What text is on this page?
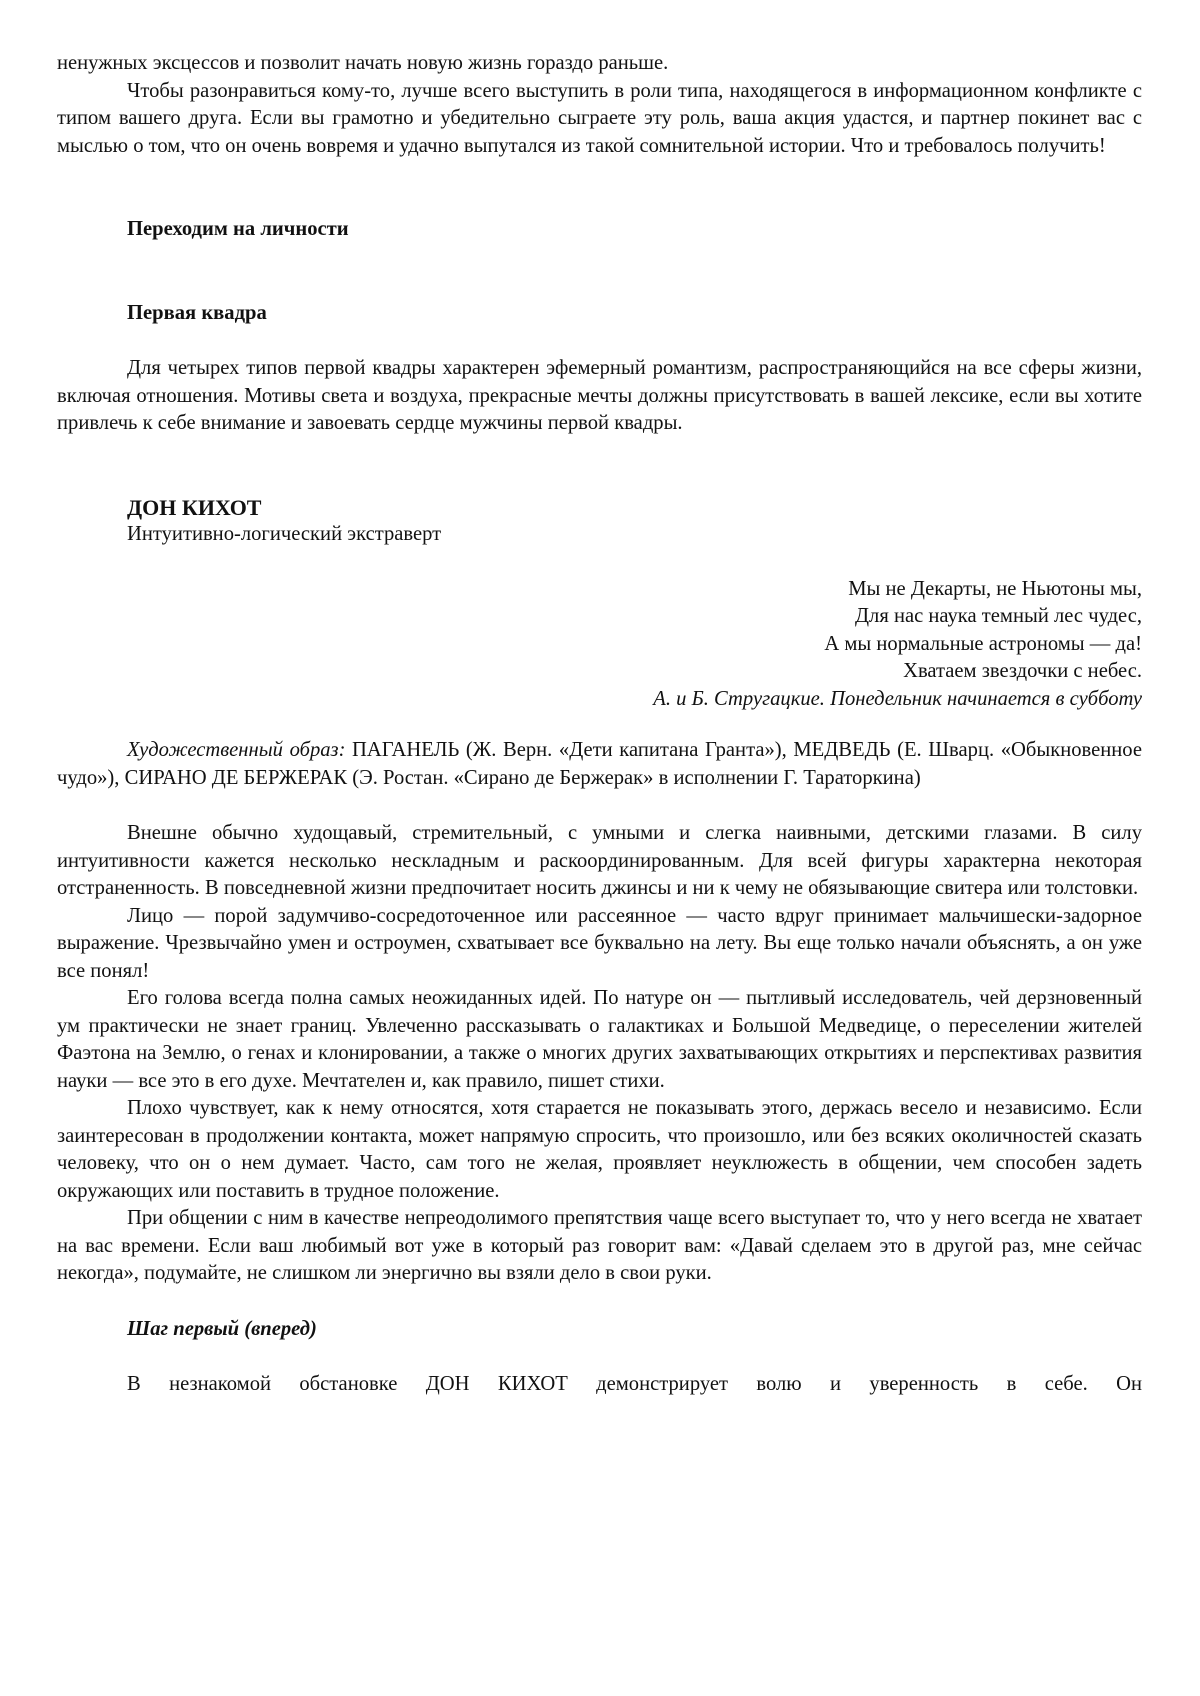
ненужных эксцессов и позволит начать новую жизнь гораздо раньше.

Чтобы разонравиться кому-то, лучше всего выступить в роли типа, находящегося в информационном конфликте с типом вашего друга. Если вы грамотно и убедительно сыграете эту роль, ваша акция удастся, и партнер покинет вас с мыслью о том, что он очень вовремя и удачно выпутался из такой сомнительной истории. Что и требовалось получить!

Переходим на личности
Первая квадра

Для четырех типов первой квадры характерен эфемерный романтизм, распространяющийся на все сферы жизни, включая отношения. Мотивы света и воздуха, прекрасные мечты должны присутствовать в вашей лексике, если вы хотите привлечь к себе внимание и завоевать сердце мужчины первой квадры.

ДОН КИХОТ
Интуитивно-логический экстраверт
Мы не Декарты, не Ньютоны мы,
Для нас наука темный лес чудес,
А мы нормальные астрономы — да!
Хватаем звездочки с небес.
А. и Б. Стругацкие. Понедельник начинается в субботу

Художественный образ: ПАГАНЕЛЬ (Ж. Верн. «Дети капитана Гранта»), МЕДВЕДЬ (Е. Шварц. «Обыкновенное чудо»), СИРАНО ДЕ БЕРЖЕРАК (Э. Ростан. «Сирано де Бержерак» в исполнении Г. Тараторкина)

Внешне обычно худощавый, стремительный, с умными и слегка наивными, детскими глазами. В силу интуитивности кажется несколько нескладным и раскоординированным. Для всей фигуры характерна некоторая отстраненность. В повседневной жизни предпочитает носить джинсы и ни к чему не обязывающие свитера или толстовки.

Лицо — порой задумчиво-сосредоточенное или рассеянное — часто вдруг принимает мальчишески-задорное выражение. Чрезвычайно умен и остроумен, схватывает все буквально на лету. Вы еще только начали объяснять, а он уже все понял!

Его голова всегда полна самых неожиданных идей. По натуре он — пытливый исследователь, чей дерзновенный ум практически не знает границ. Увлеченно рассказывать о галактиках и Большой Медведице, о переселении жителей Фаэтона на Землю, о генах и клонировании, а также о многих других захватывающих открытиях и перспективах развития науки — все это в его духе. Мечтателен и, как правило, пишет стихи.

Плохо чувствует, как к нему относятся, хотя старается не показывать этого, держась весело и независимо. Если заинтересован в продолжении контакта, может напрямую спросить, что произошло, или без всяких околичностей сказать человеку, что он о нем думает. Часто, сам того не желая, проявляет неуклюжесть в общении, чем способен задеть окружающих или поставить в трудное положение.

При общении с ним в качестве непреодолимого препятствия чаще всего выступает то, что у него всегда не хватает на вас времени. Если ваш любимый вот уже в который раз говорит вам: «Давай сделаем это в другой раз, мне сейчас некогда», подумайте, не слишком ли энергично вы взяли дело в свои руки.

Шаг первый (вперед)

В незнакомой обстановке ДОН КИХОТ демонстрирует волю и уверенность в себе. Он
